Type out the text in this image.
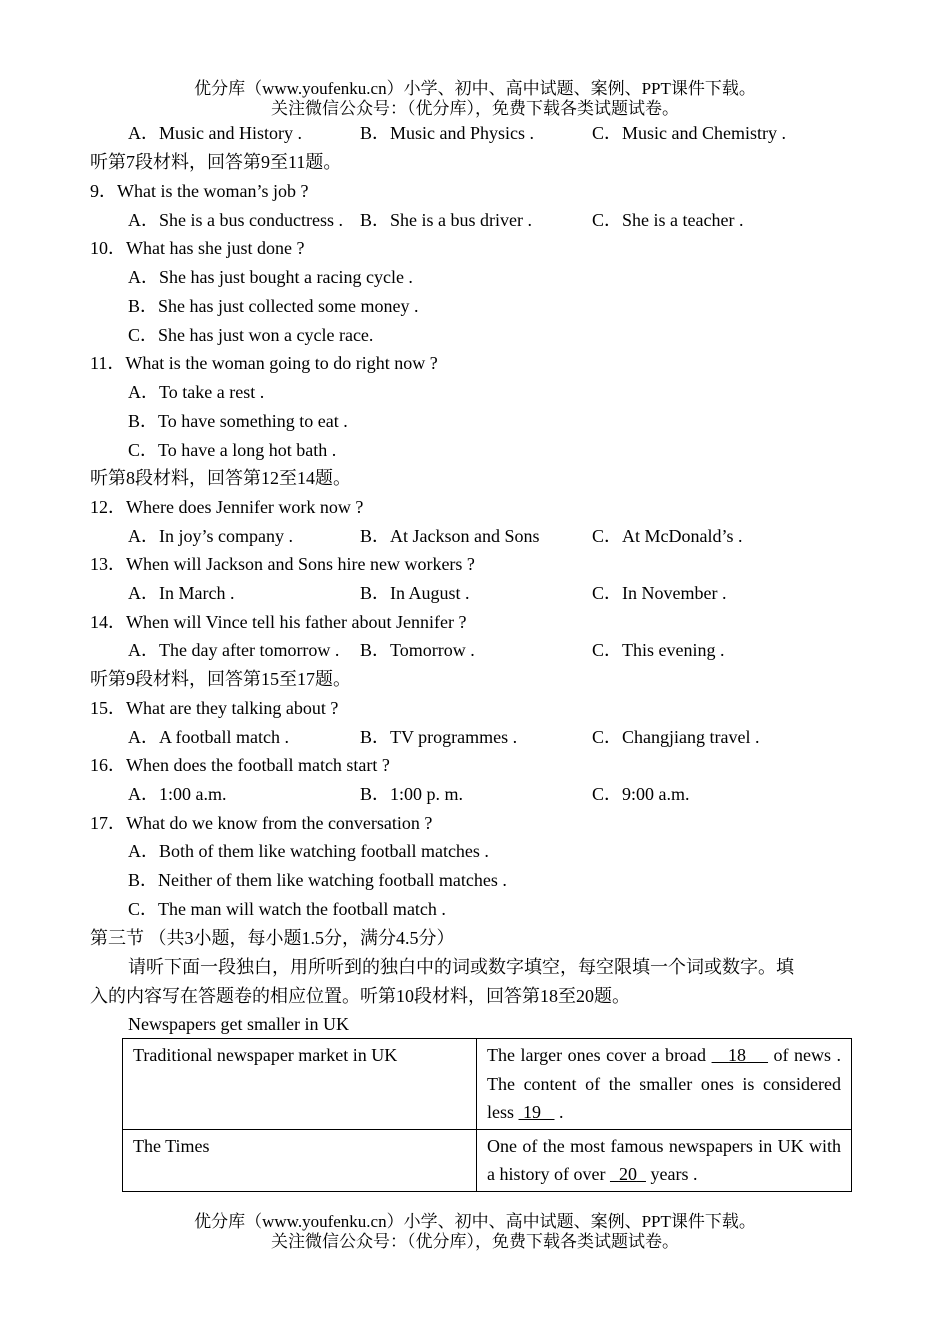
优分库（www.youfenku.cn）小学、初中、高中试题、案例、PPT课件下载。
关注微信公众号：（优分库），免费下载各类试题试卷。
A．Music and History .	B．Music and Physics .	C．Music and Chemistry .
听第7段材料，回答第9至11题。
9．What is the woman’s job ?
A．She is a bus conductress . B．She is a bus driver .	C．She is a teacher .
10．What has she just done ?
A．She has just bought a racing cycle .
B．She has just collected some money .
C．She has just won a cycle race.
11．What is the woman going to do right now ?
A．To take a rest .
B．To have something to eat .
C．To have a long hot bath .
听第8段材料，回答第12至14题。
12．Where does Jennifer work now ?
A．In joy’s company .	B．At Jackson and Sons	C．At McDonald’s .
13．When will Jackson and Sons hire new workers ?
A．In March .	B．In August .	C．In November .
14．When will Vince tell his father about Jennifer ?
A．The day after tomorrow . B．Tomorrow .	C．This evening .
听第9段材料，回答第15至17题。
15．What are they talking about ?
A．A football match .	B．TV programmes .	C．Changjiang travel .
16．When does the football match start ?
A．1:00 a.m.	B．1:00 p. m.	C．9:00 a.m.
17．What do we know from the conversation ?
A．Both of them like watching football matches .
B．Neither of them like watching football matches .
C．The man will watch the football match .
第三节 （共3小题，每小题1.5分，满分4.5分）
请听下面一段独白，用所听到的独白中的词或数字填空，每空限填一个词或数字。填
入的内容写在答题卷的相应位置。听第10段材料，回答第18至20题。
Newspapers get smaller in UK
Traditional newspaper market in UK	The larger ones cover a broad    18     of news . The content of the smaller ones is considered less  19    .
The Times	One of the most famous newspapers in UK with a history of over   20   years .
优分库（www.youfenku.cn）小学、初中、高中试题、案例、PPT课件下载。
关注微信公众号：（优分库），免费下载各类试题试卷。
